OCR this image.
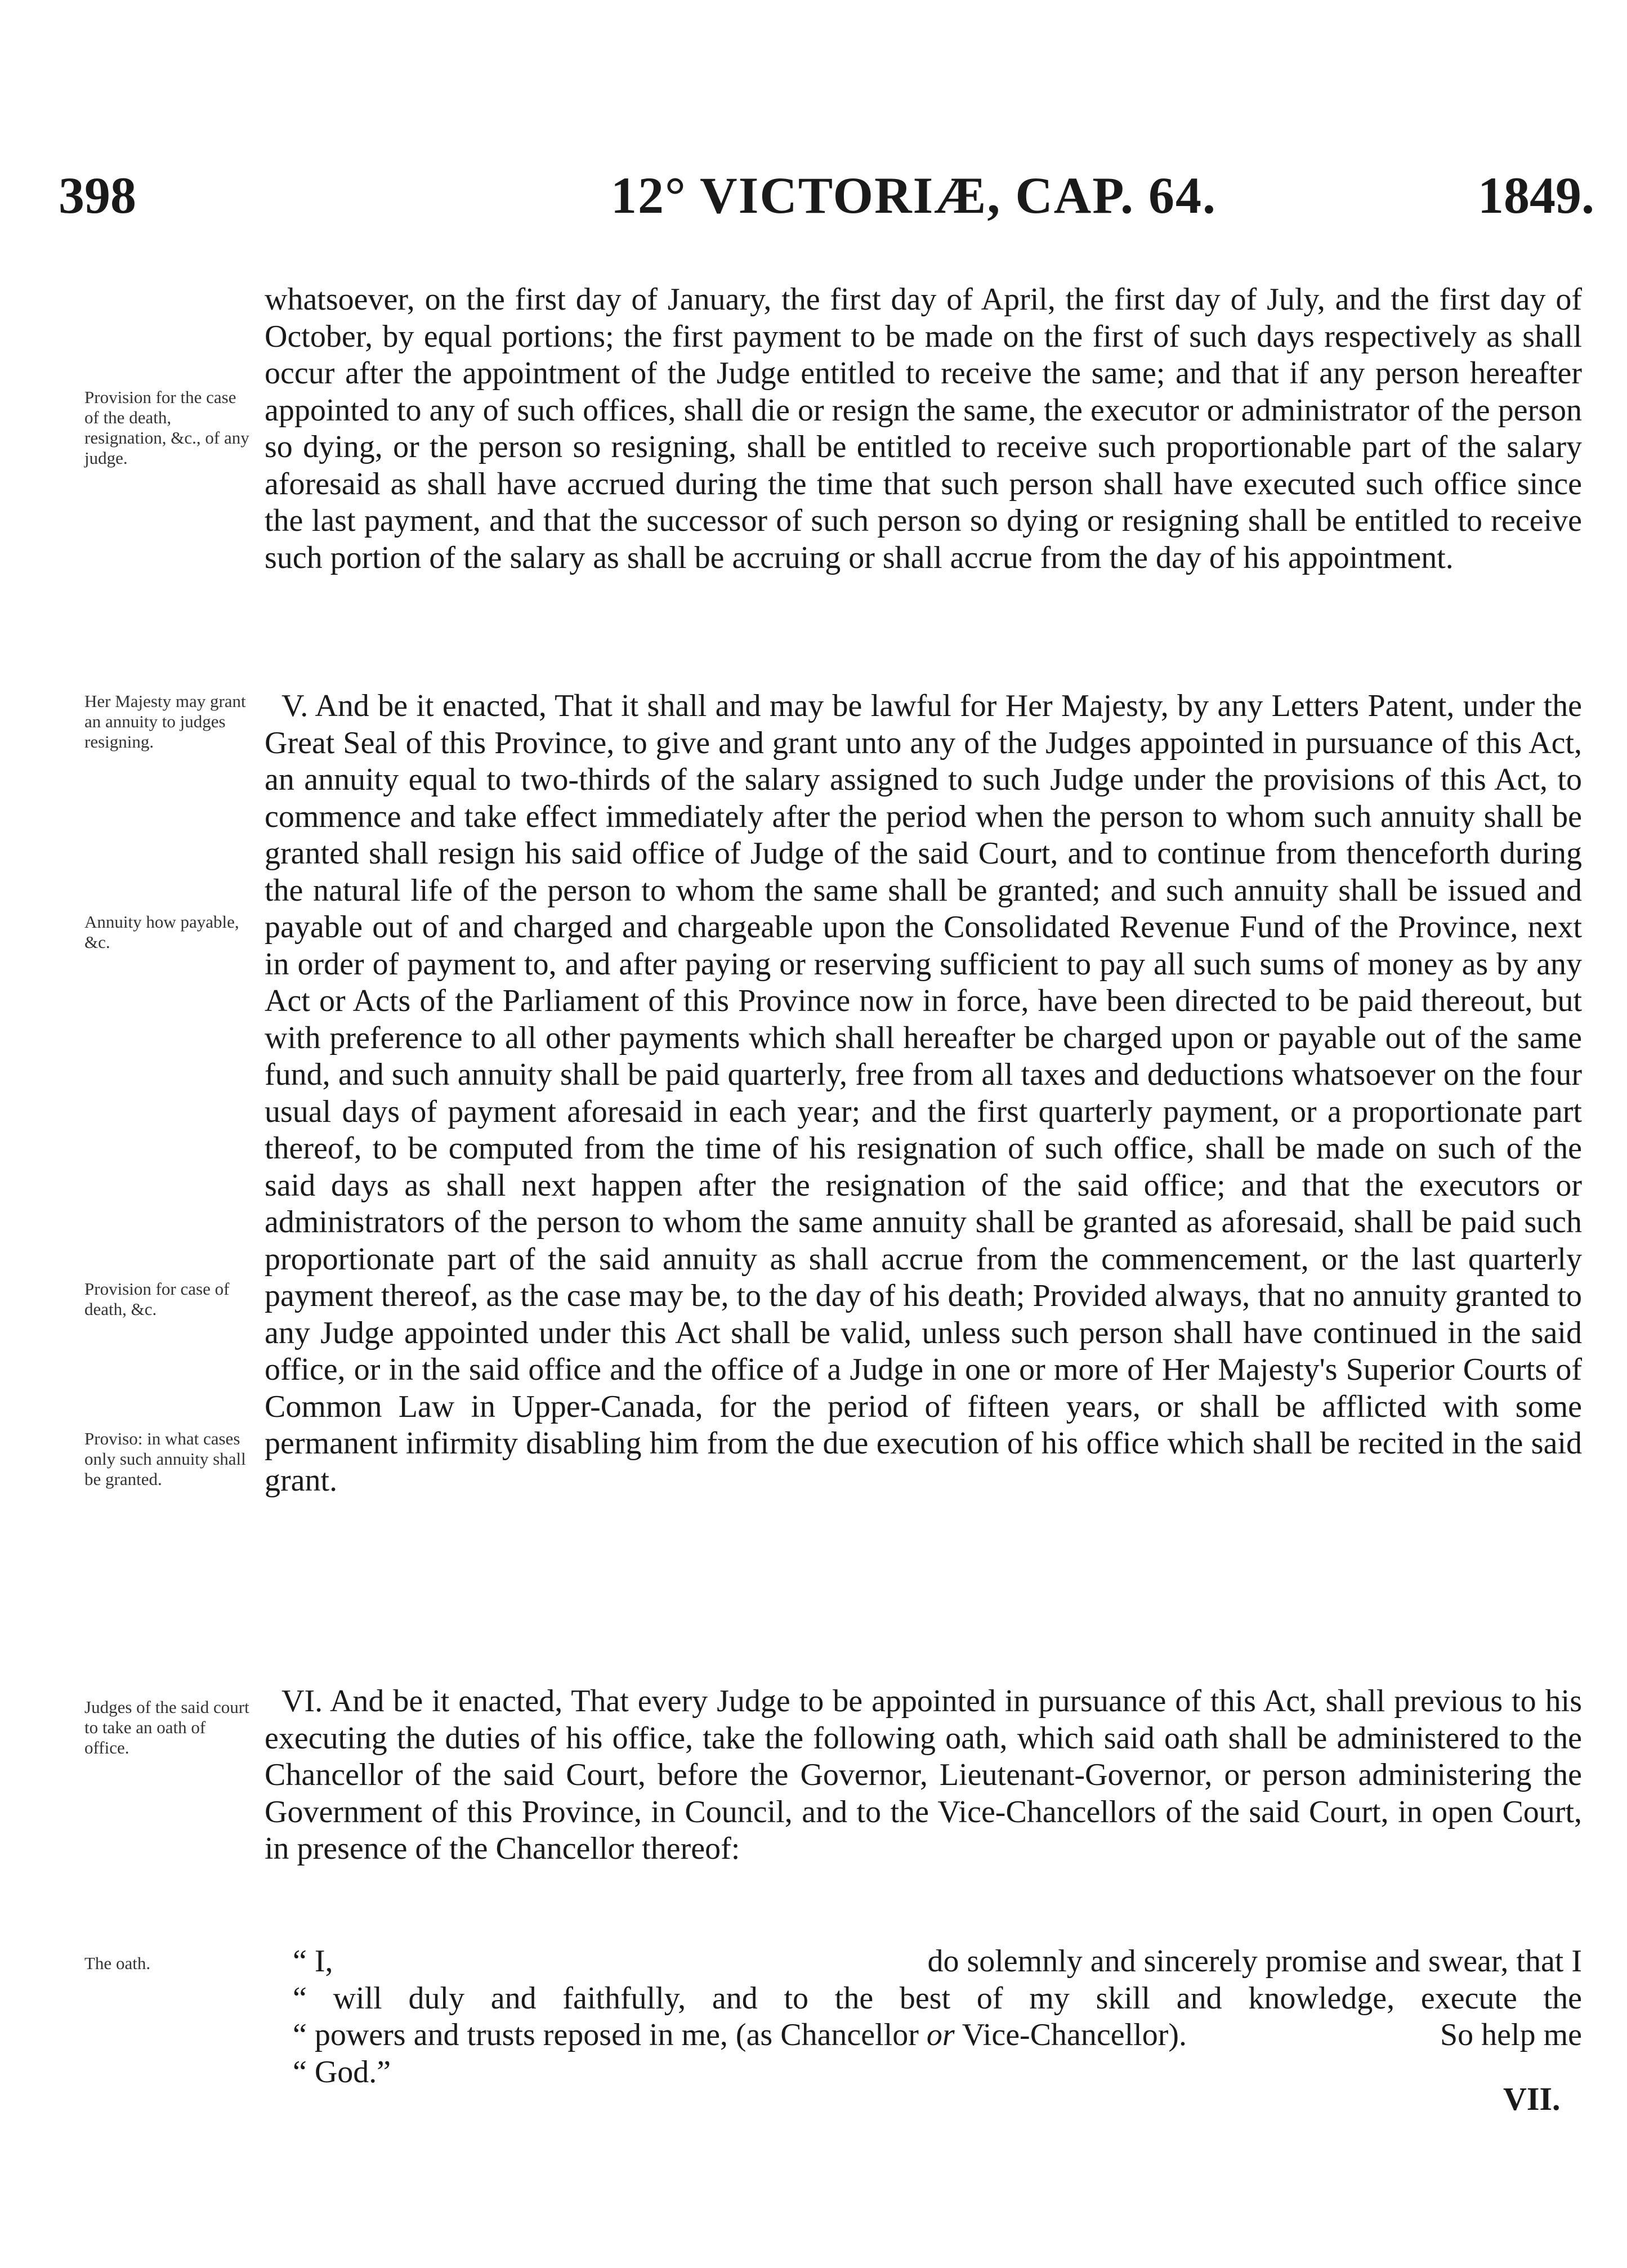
398	12° VICTORIÆ, CAP. 64.	1849.
Provision for the case of the death, resignation, &c., of any judge.
Her Majesty may grant an annuity to judges resigning.
Annuity how payable, &c.
Provision for case of death, &c.
Proviso: in what cases only such annuity shall be granted.
Judges of the said court to take an oath of office.
The oath.

whatsoever, on the first day of January, the first day of April, the first day of July, and the first day of October, by equal portions; the first payment to be made on the first of such days respectively as shall occur after the appointment of the Judge entitled to receive the same; and that if any person hereafter appointed to any of such offices, shall die or resign the same, the executor or administrator of the person so dying, or the person so resigning, shall be entitled to receive such proportionable part of the salary aforesaid as shall have accrued during the time that such person shall have executed such office since the last payment, and that the successor of such person so dying or resigning shall be entitled to receive such portion of the salary as shall be accruing or shall accrue from the day of his appointment.

V. And be it enacted, That it shall and may be lawful for Her Majesty, by any Letters Patent, under the Great Seal of this Province, to give and grant unto any of the Judges appointed in pursuance of this Act, an annuity equal to two-thirds of the salary assigned to such Judge under the provisions of this Act, to commence and take effect immediately after the period when the person to whom such annuity shall be granted shall resign his said office of Judge of the said Court, and to continue from thenceforth during the natural life of the person to whom the same shall be granted; and such annuity shall be issued and payable out of and charged and chargeable upon the Consolidated Revenue Fund of the Province, next in order of payment to, and after paying or reserving sufficient to pay all such sums of money as by any Act or Acts of the Parliament of this Province now in force, have been directed to be paid thereout, but with preference to all other payments which shall hereafter be charged upon or payable out of the same fund, and such annuity shall be paid quarterly, free from all taxes and deductions whatsoever on the four usual days of payment aforesaid in each year; and the first quarterly payment, or a proportionate part thereof, to be computed from the time of his resignation of such office, shall be made on such of the said days as shall next happen after the resignation of the said office; and that the executors or administrators of the person to whom the same annuity shall be granted as aforesaid, shall be paid such proportionate part of the said annuity as shall accrue from the commencement, or the last quarterly payment thereof, as the case may be, to the day of his death; Provided always, that no annuity granted to any Judge appointed under this Act shall be valid, unless such person shall have continued in the said office, or in the said office and the office of a Judge in one or more of Her Majesty's Superior Courts of Common Law in Upper-Canada, for the period of fifteen years, or shall be afflicted with some permanent infirmity disabling him from the due execution of his office which shall be recited in the said grant.

VI. And be it enacted, That every Judge to be appointed in pursuance of this Act, shall previous to his executing the duties of his office, take the following oath, which said oath shall be administered to the Chancellor of the said Court, before the Governor, Lieutenant-Governor, or person administering the Government of this Province, in Council, and to the Vice-Chancellors of the said Court, in open Court, in presence of the Chancellor thereof:

“ I,	do solemnly and sincerely promise and swear, that I
“ will duly and faithfully, and to the best of my skill and knowledge, execute the
“ powers and trusts reposed in me, (as Chancellor or Vice-Chancellor).	So help me
“ God.”
VII.
